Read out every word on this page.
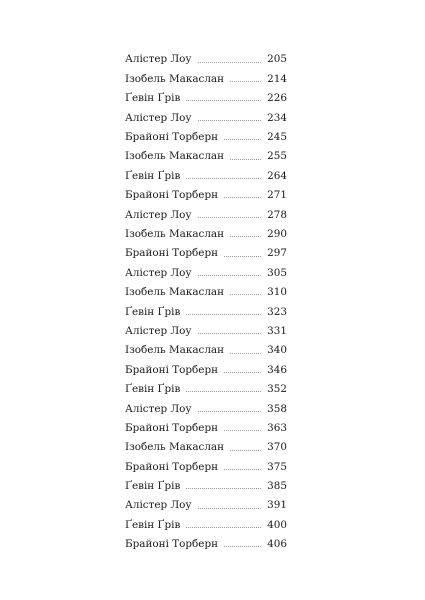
Алістер Лоу	205
Ізобель Макаслан	214
Ґевін Ґрів	226
Алістер Лоу	234
Брайоні Торберн	245
Ізобель Макаслан	255
Ґевін Ґрів	264
Брайоні Торберн	271
Алістер Лоу	278
Ізобель Макаслан	290
Брайоні Торберн	297
Алістер Лоу	305
Ізобель Макаслан	310
Ґевін Ґрів	323
Алістер Лоу	331
Ізобель Макаслан	340
Брайоні Торберн	346
Ґевін Ґрів	352
Алістер Лоу	358
Брайоні Торберн	363
Ізобель Макаслан	370
Брайоні Торберн	375
Ґевін Ґрів	385
Алістер Лоу	391
Ґевін Ґрів	400
Брайоні Торберн	406
